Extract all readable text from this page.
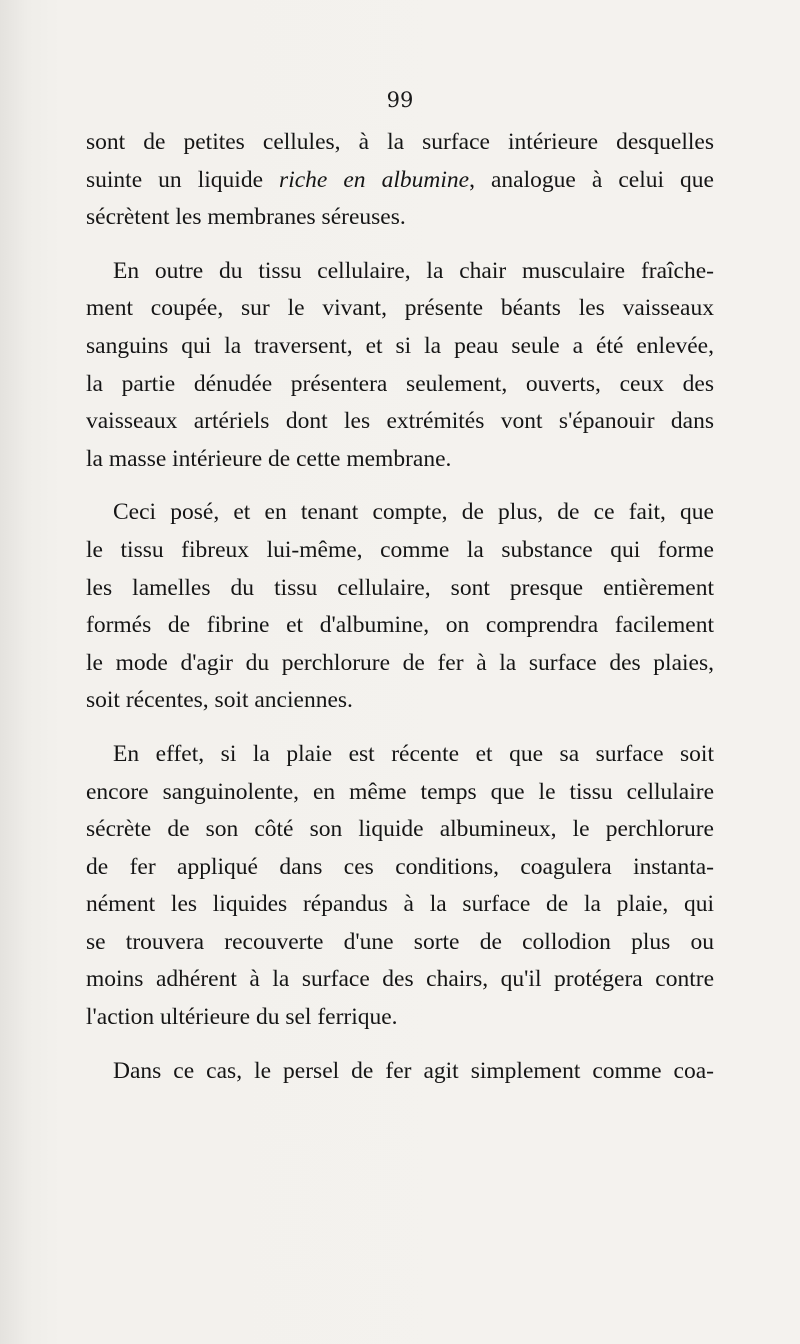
99
sont de petites cellules, à la surface intérieure desquelles
suinte un liquide riche en albumine, analogue à celui que
sécrètent les membranes séreuses.
En outre du tissu cellulaire, la chair musculaire fraîche-
ment coupée, sur le vivant, présente béants les vaisseaux
sanguins qui la traversent, et si la peau seule a été enlevée,
la partie dénudée présentera seulement, ouverts, ceux des
vaisseaux artériels dont les extrémités vont s'épanouir dans
la masse intérieure de cette membrane.
Ceci posé, et en tenant compte, de plus, de ce fait, que
le tissu fibreux lui-même, comme la substance qui forme
les lamelles du tissu cellulaire, sont presque entièrement
formés de fibrine et d'albumine, on comprendra facilement
le mode d'agir du perchlorure de fer à la surface des plaies,
soit récentes, soit anciennes.
En effet, si la plaie est récente et que sa surface soit
encore sanguinolente, en même temps que le tissu cellulaire
sécrète de son côté son liquide albumineux, le perchlorure
de fer appliqué dans ces conditions, coagulera instanta-
nément les liquides répandus à la surface de la plaie, qui
se trouvera recouverte d'une sorte de collodion plus ou
moins adhérent à la surface des chairs, qu'il protégera contre
l'action ultérieure du sel ferrique.
Dans ce cas, le persel de fer agit simplement comme coa-
